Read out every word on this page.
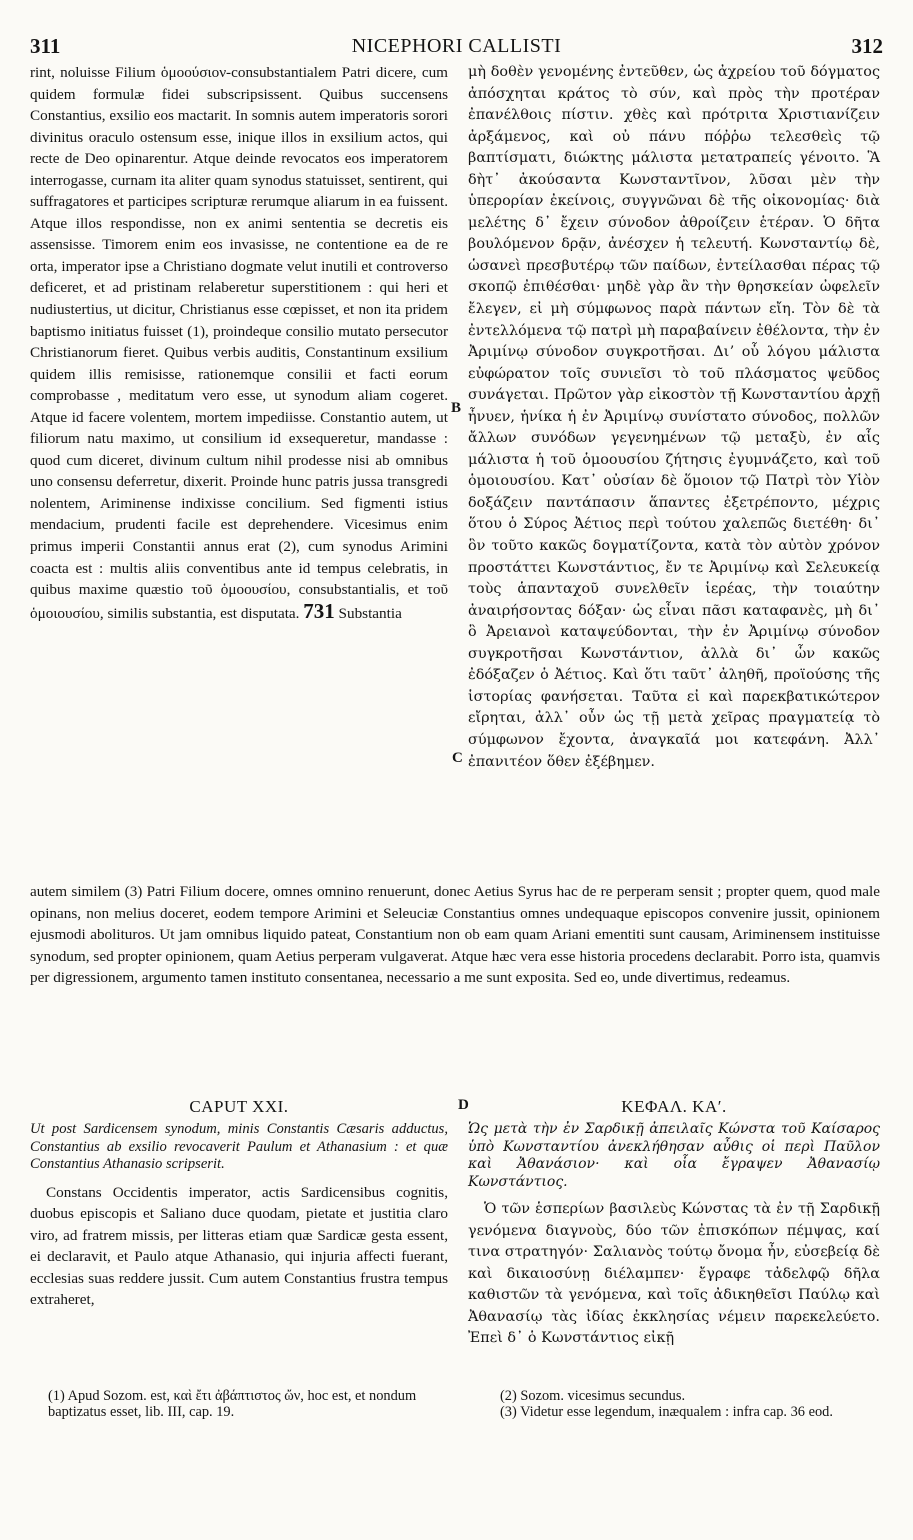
311	NICEPHORI CALLISTI	312

rint, noluisse Filium ὁμοούσιον-consubstantialem Patri dicere, cum quidem formulæ fidei subscripsissent. Quibus succensens Constantius, exsilio eos mactarit. In somnis autem imperatoris sorori divinitus oraculo ostensum esse, inique illos in exsilium actos, qui recte de Deo opinarentur. Atque deinde revocatos eos imperatorem interrogasse, curnam ita aliter quam synodus statuisset, sentirent, qui suffragatores et participes scripturæ rerumque aliarum in ea fuissent. Atque illos respondisse, non ex animi sententia se decretis eis assensisse. Timorem enim eos invasisse, ne contentione ea de re orta, imperator ipse a Christiano dogmate velut inutili et controverso deficeret, et ad pristinam relaberetur superstitionem : qui heri et nudiustertius, ut dicitur, Christianus esse cœpisset, et non ita pridem baptismo initiatus fuisset (1), proindeque consilio mutato persecutor Christianorum fieret. Quibus verbis auditis, Constantinum exsilium quidem illis remisisse, rationemque consilii et facti eorum comprobasse , meditatum vero esse, ut synodum aliam cogeret. Atque id facere volentem, mortem impediisse. Constantio autem, ut filiorum natu maximo, ut consilium id exsequeretur, mandasse : quod cum diceret, divinum cultum nihil prodesse nisi ab omnibus uno consensu deferretur, dixerit. Proinde hunc patris jussa transgredi nolentem, Ariminense indixisse concilium. Sed figmenti istius mendacium, prudenti facile est deprehendere. Vicesimus enim primus imperii Constantii annus erat (2), cum synodus Arimini coacta est : multis aliis conventibus ante id tempus celebratis, in quibus maxime quæstio τοῦ ὁμοουσίου, consubstantialis, et τοῦ ὁμοιουσίου, similis substantia, est disputata. 731 Substantia

B
C

μὴ δοθὲν γενομένης ἐντεῦθεν, ὡς ἀχρείου τοῦ δόγματος ἀπόσχηται κράτος τὸ σύν, καὶ πρὸς τὴν προτέραν ἐπανέλθοις πίστιν. χθὲς καὶ πρότριτα Χριστιανίζειν ἀρξάμενος, καὶ οὐ πάνυ πόῤῥω τελεσθεὶς τῷ βαπτίσματι, διώκτης μάλιστα μετατραπείς γένοιτο. Ἃ δὴτ᾽ ἀκούσαντα Κωνσταντῖνον, λῦσαι μὲν τὴν ὑπερορίαν ἐκείνοις, συγγνῶναι δὲ τῆς οἰκονομίας· διὰ μελέτης δ᾽ ἔχειν σύνοδον ἀθροίζειν ἑτέραν. Ὁ δῆτα βουλόμενον δρᾷν, ἀνέσχεν ἡ τελευτή. Κωνσταντίῳ δὲ, ὡσανεὶ πρεσβυτέρῳ τῶν παίδων, ἐντείλασθαι πέρας τῷ σκοπῷ ἐπιθέσθαι· μηδὲ γὰρ ἂν τὴν θρησκείαν ὠφελεῖν ἔλεγεν, εἰ μὴ σύμφωνος παρὰ πάντων εἴη. Τὸν δὲ τὰ ἐντελλόμενα τῷ πατρὶ μὴ παραβαίνειν ἐθέλοντα, τὴν ἐν Ἀριμίνῳ σύνοδον συγκροτῆσαι. Διʼ οὗ λόγου μάλιστα εὐφώρατον τοῖς συνιεῖσι τὸ τοῦ πλάσματος ψεῦδος συνάγεται. Πρῶτον γὰρ εἰκοστὸν τῇ Κωνσταντίου ἀρχῇ ἦνυεν, ἡνίκα ἡ ἐν Ἀριμίνῳ συνίστατο σύνοδος, πολλῶν ἄλλων συνόδων γεγενημένων τῷ μεταξὺ, ἐν αἷς μάλιστα ἡ τοῦ ὁμοουσίου ζήτησις ἐγυμνάζετο, καὶ τοῦ ὁμοιουσίου. Κατ᾽ οὐσίαν δὲ ὅμοιον τῷ Πατρὶ τὸν Υἱὸν δοξάζειν παντάπασιν ἅπαντες ἐξετρέποντο, μέχρις ὅτου ὁ Σύρος Ἀέτιος περὶ τούτου χαλεπῶς διετέθη· δι᾽ ὃν τοῦτο κακῶς δογματίζοντα, κατὰ τὸν αὐτὸν χρόνον προστάττει Κωνστάντιος, ἔν τε Ἀριμίνῳ καὶ Σελευκείᾳ τοὺς ἁπανταχοῦ συνελθεῖν ἱερέας, τὴν τοιαύτην ἀναιρήσοντας δόξαν· ὡς εἶναι πᾶσι καταφανὲς, μὴ δι᾽ ὃ Ἀρειανοὶ καταψεύδονται, τὴν ἐν Ἀριμίνῳ σύνοδον συγκροτῆσαι Κωνστάντιον, ἀλλὰ δι᾽ ὧν κακῶς ἐδόξαζεν ὁ Ἀέτιος. Καὶ ὅτι ταῦτ᾽ ἀληθῆ, προϊούσης τῆς ἱστορίας φανήσεται. Ταῦτα εἰ καὶ παρεκβατικώτερον εἴρηται, ἀλλ᾽ οὖν ὡς τῇ μετὰ χεῖρας πραγματείᾳ τὸ σύμφωνον ἔχοντα, ἀναγκαῖά μοι κατεφάνη. Ἀλλ᾽ ἐπανιτέον ὅθεν ἐξέβημεν.

autem similem (3) Patri Filium docere, omnes omnino renuerunt, donec Aetius Syrus hac de re perperam sensit ; propter quem, quod male opinans, non melius doceret, eodem tempore Arimini et Seleuciæ Constantius omnes undequaque episcopos convenire jussit, opinionem ejusmodi abolituros. Ut jam omnibus liquido pateat, Constantium non ob eam quam Ariani ementiti sunt causam, Ariminensem instituisse synodum, sed propter opinionem, quam Aetius perperam vulgaverat. Atque hæc vera esse historia procedens declarabit. Porro ista, quamvis per digressionem, argumento tamen instituto consentanea, necessario a me sunt exposita. Sed eo, unde divertimus, redeamus.

CAPUT XXI.

Ut post Sardicensem synodum, minis Constantis Cæsaris adductus, Constantius ab exsilio revocaverit Paulum et Athanasium : et quæ Constantius Athanasio scripserit.

Constans Occidentis imperator, actis Sardicensibus cognitis, duobus episcopis et Saliano duce quodam, pietate et justitia claro viro, ad fratrem missis, per litteras etiam quæ Sardicæ gesta essent, ei declaravit, et Paulo atque Athanasio, qui injuria affecti fuerant, ecclesias suas reddere jussit. Cum autem Constantius frustra tempus extraheret,

D	ΚΕΦΑΛ. ΚΑʹ.

Ὡς μετὰ τὴν ἐν Σαρδικῇ ἀπειλαῖς Κώνστα τοῦ Καίσαρος ὑπὸ Κωνσταντίου ἀνεκλήθησαν αὖθις οἱ περὶ Παῦλον καὶ Ἀθανάσιον· καὶ οἷα ἔγραψεν Ἀθανασίῳ Κωνστάντιος.

Ὁ τῶν ἑσπερίων βασιλεὺς Κώνστας τὰ ἐν τῇ Σαρδικῇ γενόμενα διαγνοὺς, δύο τῶν ἐπισκόπων πέμψας, καί τινα στρατηγόν· Σαλιανὸς τούτῳ ὄνομα ἦν, εὐσεβείᾳ δὲ καὶ δικαιοσύνῃ διέλαμπεν· ἔγραφε τἀδελφῷ δῆλα καθιστῶν τὰ γενόμενα, καὶ τοῖς ἀδικηθεῖσι Παύλῳ καὶ Ἀθανασίῳ τὰς ἰδίας ἐκκλησίας νέμειν παρεκελεύετο. Ἐπεὶ δ᾽ ὁ Κωνστάντιος εἰκῇ

(1) Apud Sozom. est, καὶ ἔτι ἀβάπτιστος ὤν, hoc est, et nondum baptizatus esset, lib. III, cap. 19.

(2) Sozom. vicesimus secundus.

(3) Videtur esse legendum, inæqualem : infra cap. 36 eod.
